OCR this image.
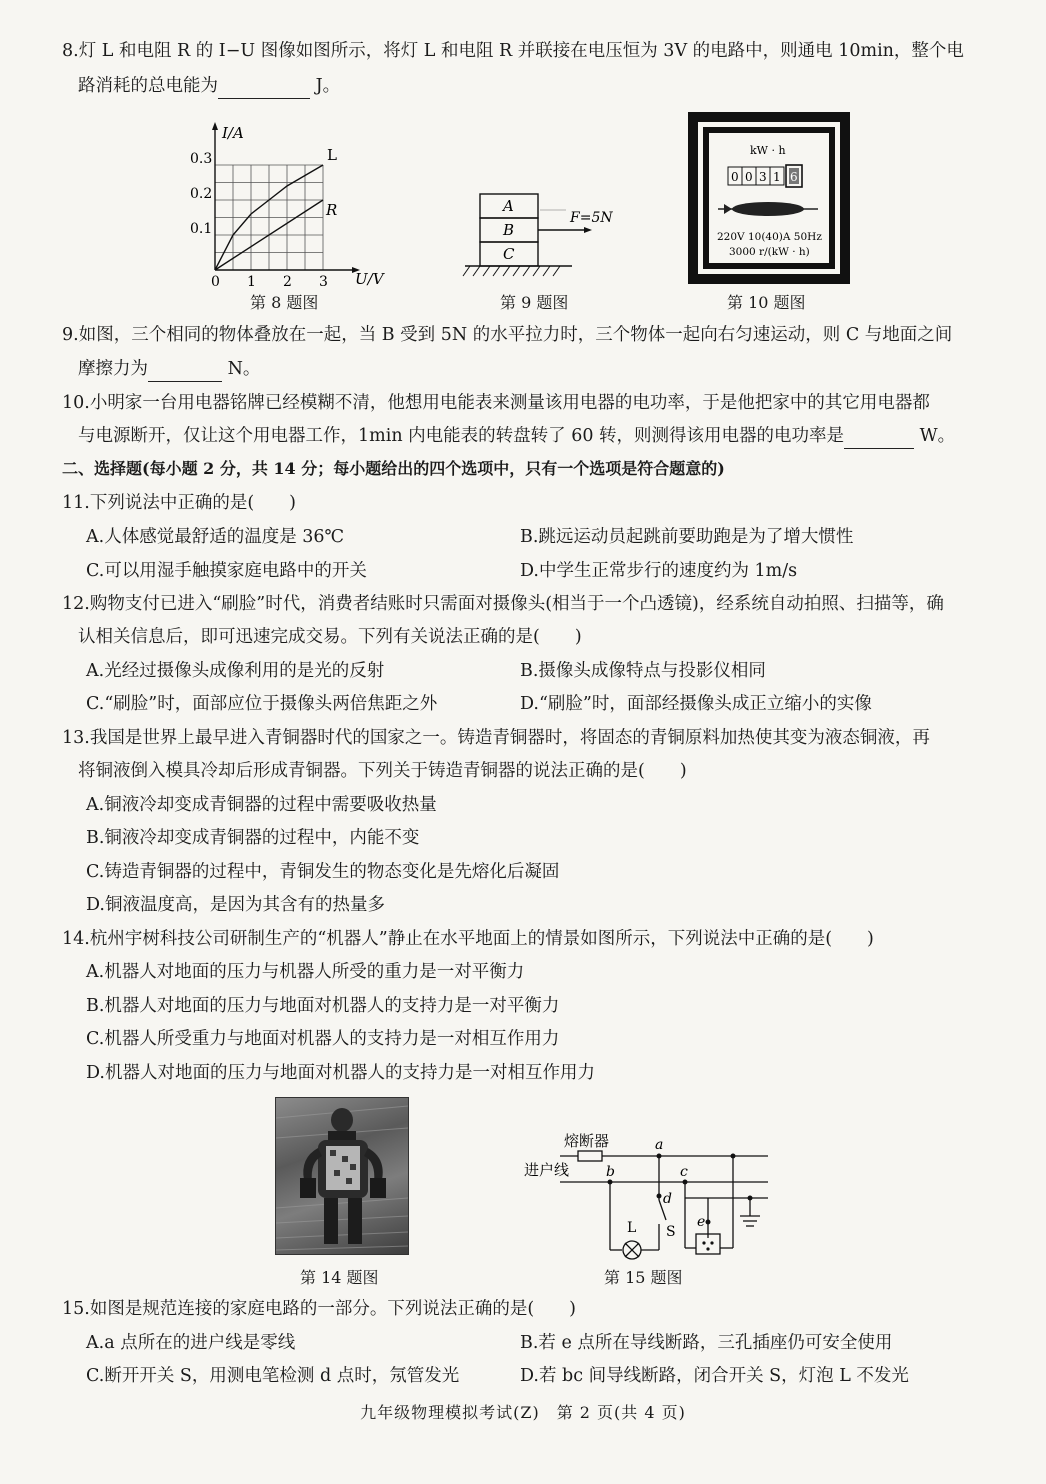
8.灯 L 和电阻 R 的 I−U 图像如图所示，将灯 L 和电阻 R 并联接在电压恒为 3V 的电路中，则通电 10min，整个电
路消耗的总电能为	J。
I/A
U/V
0.3
0.2
0.1
0 1 2 3
L
R
第 8 题图
A
B
C
F=5N
第 9 题图
kW · h
0 0 3 1 6
220V 10(40)A 50Hz
3000 r/(kW · h)
第 10 题图
9.如图，三个相同的物体叠放在一起，当 B 受到 5N 的水平拉力时，三个物体一起向右匀速运动，则 C 与地面之间
摩擦力为	N。
10.小明家一台用电器铭牌已经模糊不清，他想用电能表来测量该用电器的电功率，于是他把家中的其它用电器都
与电源断开，仅让这个用电器工作，1min 内电能表的转盘转了 60 转，则测得该用电器的电功率是	W。
二、选择题(每小题 2 分，共 14 分；每小题给出的四个选项中，只有一个选项是符合题意的)
11.下列说法中正确的是(　　)
A.人体感觉最舒适的温度是 36℃	B.跳远运动员起跳前要助跑是为了增大惯性
C.可以用湿手触摸家庭电路中的开关	D.中学生正常步行的速度约为 1m/s
12.购物支付已进入“刷脸”时代，消费者结账时只需面对摄像头(相当于一个凸透镜)，经系统自动拍照、扫描等，确
认相关信息后，即可迅速完成交易。下列有关说法正确的是(　　)
A.光经过摄像头成像利用的是光的反射	B.摄像头成像特点与投影仪相同
C.“刷脸”时，面部应位于摄像头两倍焦距之外	D.“刷脸”时，面部经摄像头成正立缩小的实像
13.我国是世界上最早进入青铜器时代的国家之一。铸造青铜器时，将固态的青铜原料加热使其变为液态铜液，再
将铜液倒入模具冷却后形成青铜器。下列关于铸造青铜器的说法正确的是(　　)
A.铜液冷却变成青铜器的过程中需要吸收热量
B.铜液冷却变成青铜器的过程中，内能不变
C.铸造青铜器的过程中，青铜发生的物态变化是先熔化后凝固
D.铜液温度高，是因为其含有的热量多
14.杭州宇树科技公司研制生产的“机器人”静止在水平地面上的情景如图所示，下列说法中正确的是(　　)
A.机器人对地面的压力与机器人所受的重力是一对平衡力
B.机器人对地面的压力与地面对机器人的支持力是一对平衡力
C.机器人所受重力与地面对机器人的支持力是一对相互作用力
D.机器人对地面的压力与地面对机器人的支持力是一对相互作用力
第 14 题图
熔断器
进户线
a
b	c
d
e
L S
第 15 题图
15.如图是规范连接的家庭电路的一部分。下列说法正确的是(　　)
A.a 点所在的进户线是零线	B.若 e 点所在导线断路，三孔插座仍可安全使用
C.断开开关 S，用测电笔检测 d 点时，氖管发光	D.若 bc 间导线断路，闭合开关 S，灯泡 L 不发光
九年级物理模拟考试(Z)　第 2 页(共 4 页)
